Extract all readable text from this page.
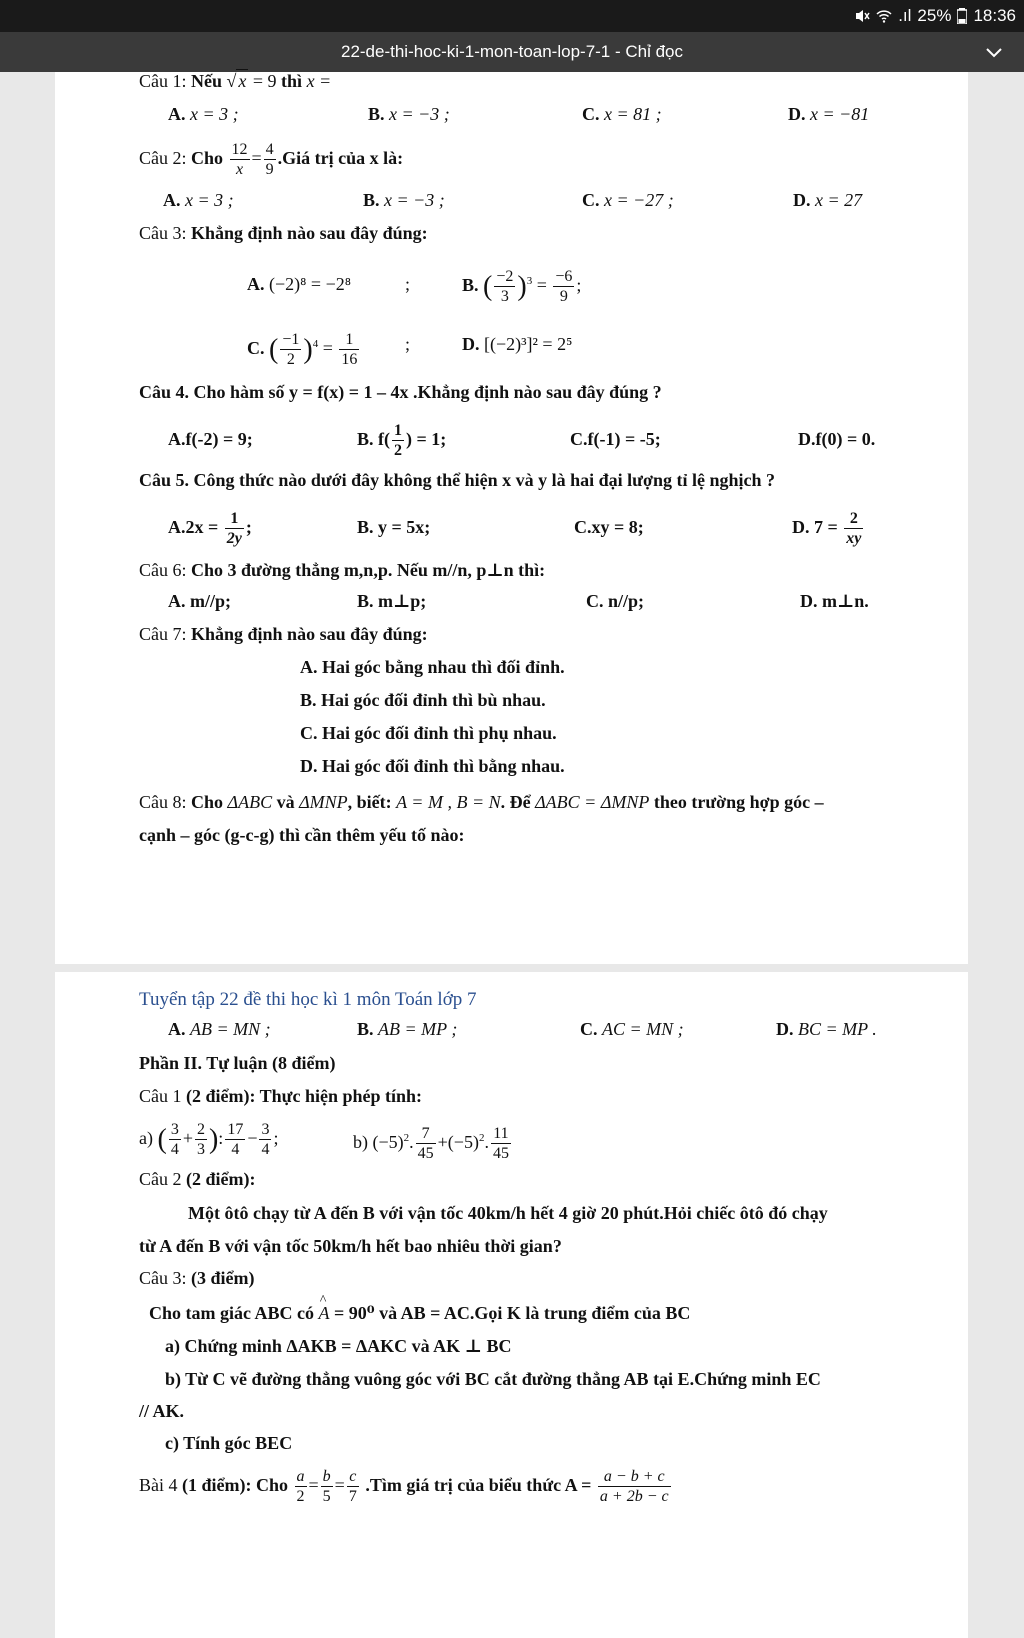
.ıl 25% 18:36
22-de-thi-hoc-ki-1-mon-toan-lop-7-1 - Chỉ đọc
Câu 1: Nếu √ x = 9 thì x =
A. x = 3 ;	B. x = −3 ;	C. x = 81 ;	D. x = −81
Câu 2: Cho $\frac{12}{x} = \frac{4}{9}$ .Giá trị của x là:
A. x = 3 ;	B. x = −3 ;	C. x = −27 ;	D. x = 27
Câu 3: Khẳng định nào sau đây đúng:
A. (−2)⁸ = −2⁸	;	B. ( $\frac{-2}{3} )^3 = \frac{-6}{9}$ ;
C. ( $\frac{-1}{2} )^4 = \frac{1}{16}$	;	D. [(−2)³]² = 2⁵
Câu 4. Cho hàm số y = f(x) = 1 – 4x .Khẳng định nào sau đây đúng ?
A.f(-2) = 9;	B. $f( \frac{1}{2}$ ) = 1;	C.f(-1) = -5;	D.f(0) = 0.
Câu 5. Công thức nào dưới đây không thể hiện x và y là hai đại lượng tỉ lệ nghịch ?
$A.2x = \frac{1}{2y}$ ;	B. y = 5x;	C.xy = 8;	D. $7 = \frac{2}{xy}$
Câu 6: Cho 3 đường thẳng m,n,p. Nếu m//n, p⊥n thì:
A. m//p;	B. m⊥p;	C. n//p;	D. m⊥n.
Câu 7: Khẳng định nào sau đây đúng:
A. Hai góc bằng nhau thì đối đỉnh.
B. Hai góc đối đỉnh thì bù nhau.
C. Hai góc đối đỉnh thì phụ nhau.
D. Hai góc đối đỉnh thì bằng nhau.
Câu 8: Cho ΔABC và ΔMNP, biết: A = M , B = N. Để ΔABC = ΔMNP theo trường hợp góc –
cạnh – góc (g-c-g) thì cần thêm yếu tố nào:
Tuyển tập 22 đề thi học kì 1 môn Toán lớp 7
A. AB = MN ;	B. AB = MP ;	C. AC = MN ;	D. BC = MP .
Phần II. Tự luận (8 điểm)
Câu 1 (2 điểm): Thực hiện phép tính:
a) ( $\frac{3}{4} + \frac{2}{3}$ ): $\frac{17}{4} - \frac{3}{4}$ ;	b) $(-5)^2$. $\frac{7}{45} +(-5)^2$. $\frac{11}{45}$
Câu 2 (2 điểm):
Một ôtô chạy từ A đến B với vận tốc 40km/h hết 4 giờ 20 phút.Hỏi chiếc ôtô đó chạy
từ A đến B với vận tốc 50km/h hết bao nhiêu thời gian?
Câu 3: (3 điểm)
Cho tam giác ABC có ^ A = 90⁰ và AB = AC.Gọi K là trung điểm của BC
a) Chứng minh ΔAKB = ΔAKC và AK ⊥ BC
b) Từ C vẽ đường thẳng vuông góc với BC cắt đường thẳng AB tại E.Chứng minh EC
// AK.
c) Tính góc BEC
Bài 4 (1 điểm): Cho $\frac{a}{2} = \frac{b}{5} = \frac{c}{7}$ .Tìm giá trị của biểu thức $A = \frac{a - b + c}{a + 2b - c}$
